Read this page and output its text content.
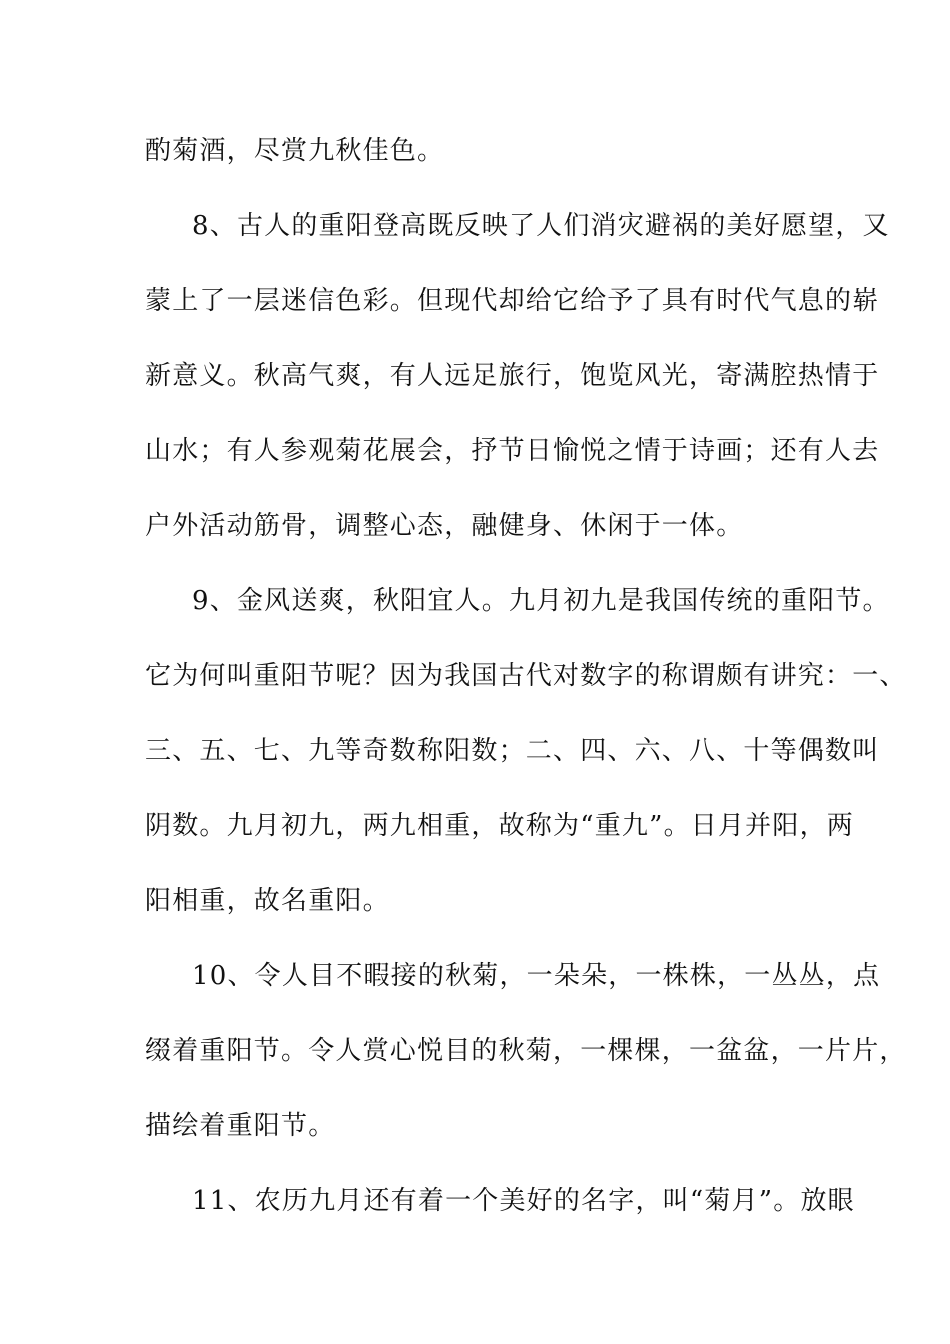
酌菊酒，尽赏九秋佳色。
8、古人的重阳登高既反映了人们消灾避祸的美好愿望，又
蒙上了一层迷信色彩。但现代却给它给予了具有时代气息的崭
新意义。秋高气爽，有人远足旅行，饱览风光，寄满腔热情于
山水；有人参观菊花展会，抒节日愉悦之情于诗画；还有人去
户外活动筋骨，调整心态，融健身、休闲于一体。
9、金风送爽，秋阳宜人。九月初九是我国传统的重阳节。
它为何叫重阳节呢？因为我国古代对数字的称谓颇有讲究：一、
三、五、七、九等奇数称阳数；二、四、六、八、十等偶数叫
阴数。九月初九，两九相重，故称为“重九”。日月并阳，两
阳相重，故名重阳。
10、令人目不暇接的秋菊，一朵朵，一株株，一丛丛，点
缀着重阳节。令人赏心悦目的秋菊，一棵棵，一盆盆，一片片，
描绘着重阳节。
11、农历九月还有着一个美好的名字，叫“菊月”。放眼
